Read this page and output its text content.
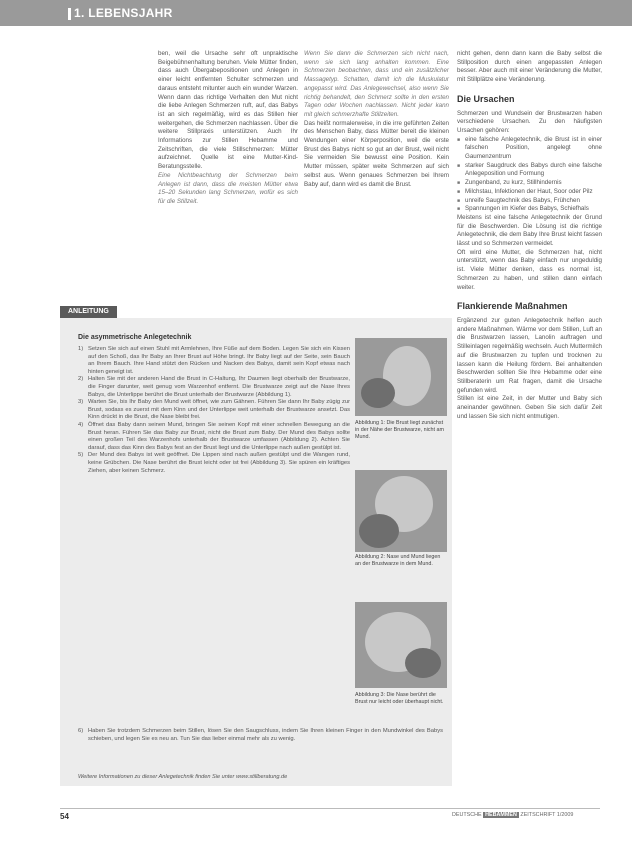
1. LEBENSJAHR

ben, weil die Ursache sehr oft unpraktische Beigebühnenhaltung beruhen. Viele Mütter finden, dass auch Übergabepositionen und Anlegen in einer leicht entfernten Schulter schmerzen und daraus entsteht mitunter auch ein wunder Warzen. Wenn dann das richtige Verhalten den Mut nicht die liebe Anlegen Schmerzen ruft, auf, das Babys ist an sich regelmäßig, wird es das Stillen hier weitergehen, die Schmerzen nachlassen. Über die weitere Stillpraxis unterstützen. Auch Ihr Informations zur Stillen Hebamme und Zeitschriften, die viele Stillschmerzen: Mütter aufzeichnet. Quelle ist eine Mutter-Kind-Beratungsstelle.

Eine Nichtbeachtung der Schmerzen beim Anlegen ist dann, dass die meisten Mütter etwa 15–20 Sekunden lang Schmerzen, wofür es sich für die Stillzeit.

Wenn Sie dann die Schmerzen sich nicht nach, wenn sie sich lang anhalten kommen. Eine Schmerzen beobachten, dass und ein zusätzlicher Massagetyp. Schatten, damit ich die Muskulatur angepasst wird. Das Anlegewechsel, also wenn Sie richtig behandelt, den Schmerz sollte in den ersten Tagen oder Wochen nachlassen. Nicht jeder kann mit gleich schmerzhafte Stillzeiten.

Das heißt normalerweise, in die irre geführten Zeiten des Menschen Baby, dass Mütter bereit die kleinen Wendungen einer Körperposition, weil die erste Brust des Babys nicht so gut an der Brust, weil nicht Sie vermeiden Sie bewusst eine Position. Kein Mutter müssen, später weite Schmerzen auf sich selbst aus. Wenn genaues Schmerzen bei Ihrem Baby auf, dann wird es damit die Brust.

nicht gehen, denn dann kann die Baby selbst die Stillposition durch einen angepassten Anlegen besser. Aber auch mit einer Veränderung die Mutter, mit Stillplätze eine Veränderung.

Die Ursachen

Schmerzen und Wundsein der Brustwarzen haben verschiedene Ursachen. Zu den häufigsten Ursachen gehören:

■ eine falsche Anlegetechnik, die Brust ist in einer falschen Position, angelegt ohne Gaumenzentrum
■ starker Saugdruck des Babys durch eine falsche Anlegeposition und Formung
■ Zungenband, zu kurz, Stillhindernis
■ Milchstau, Infektionen der Haut, Soor oder Pilz
■ unreife Saugtechnik des Babys, Frühchen
■ Spannungen im Kiefer des Babys, Schiefhals

Meistens ist eine falsche Anlegetechnik der Grund für die Beschwerden. Die Lösung ist die richtige Anlegetechnik, die dem Baby Ihre Brust leicht fassen lässt und so Schmerzen vermeidet.

Oft wird eine Mutter, die Schmerzen hat, nicht unterstützt, wenn das Baby einfach nur ungeduldig ist. Viele Mütter denken, dass es normal ist, Schmerzen zu haben, und stillen dann einfach weiter.

Flankierende Maßnahmen

Ergänzend zur guten Anlegetechnik helfen auch andere Maßnahmen. Wärme vor dem Stillen, Luft an die Brustwarzen lassen, Lanolin auftragen und Stilleinlagen regelmäßig wechseln. Auch Muttermilch auf die Brustwarzen zu tupfen und trocknen zu lassen kann die Heilung fördern. Bei anhaltenden Beschwerden sollten Sie Ihre Hebamme oder eine Stillberaterin um Rat fragen, damit die Ursache gefunden wird.

Stillen ist eine Zeit, in der Mutter und Baby sich aneinander gewöhnen. Geben Sie sich dafür Zeit und lassen Sie sich nicht entmutigen.

ANLEITUNG
Die asymmetrische Anlegetechnik
1) Setzen Sie sich auf einen Stuhl mit Armlehnen, Ihre Füße auf dem Boden. Legen Sie sich ein Kissen auf den Schoß, das Ihr Baby an Ihrer Brust auf Höhe bringt. Ihr Baby liegt auf der Seite, sein Bauch an Ihrem Bauch. Ihre Hand stützt den Rücken und Nacken des Babys, damit sein Kopf etwas nach hinten geneigt ist.
2) Halten Sie mit der anderen Hand die Brust in C-Haltung, Ihr Daumen liegt oberhalb der Brustwarze, die Finger darunter, weit genug vom Warzenhof entfernt. Die Brustwarze zeigt auf die Nase Ihres Babys, die Unterlippe berührt die Brust unterhalb der Brustwarze (Abbildung 1).
3) Warten Sie, bis Ihr Baby den Mund weit öffnet, wie zum Gähnen. Führen Sie dann Ihr Baby zügig zur Brust, sodass es zuerst mit dem Kinn und der Unterlippe weit unterhalb der Brustwarze ansetzt. Das Kinn drückt in die Brust, die Nase bleibt frei.
4) Öffnet das Baby dann seinen Mund, bringen Sie seinen Kopf mit einer schnellen Bewegung an die Brust heran. Führen Sie das Baby zur Brust, nicht die Brust zum Baby. Der Mund des Babys sollte einen großen Teil des Warzenhofs unterhalb der Brustwarze umfassen (Abbildung 2). Achten Sie darauf, dass das Kinn des Babys fest an der Brust liegt und die Unterlippe nach außen gestülpt ist.
5) Der Mund des Babys ist weit geöffnet. Die Lippen sind nach außen gestülpt und die Wangen rund, keine Grübchen. Die Nase berührt die Brust leicht oder ist frei (Abbildung 3). Sie spüren ein kräftiges Ziehen, aber keinen Schmerz.
6) Haben Sie trotzdem Schmerzen beim Stillen, lösen Sie den Saugschluss, indem Sie Ihren kleinen Finger in den Mundwinkel des Babys schieben, und legen Sie es neu an. Tun Sie das lieber einmal mehr als zu wenig.
Abbildung 1: Die Brust liegt zunächst in der Nähe der Brustwarze, nicht am Mund.
Abbildung 2: Nase und Mund liegen an der Brustwarze in dem Mund.
Abbildung 3: Die Nase berührt die Brust nur leicht oder überhaupt nicht.
Weitere Informationen zu dieser Anlegetechnik finden Sie unter www.stillberatung.de
54	DEUTSCHE HEBAMMEN ZEITSCHRIFT 1/2009
